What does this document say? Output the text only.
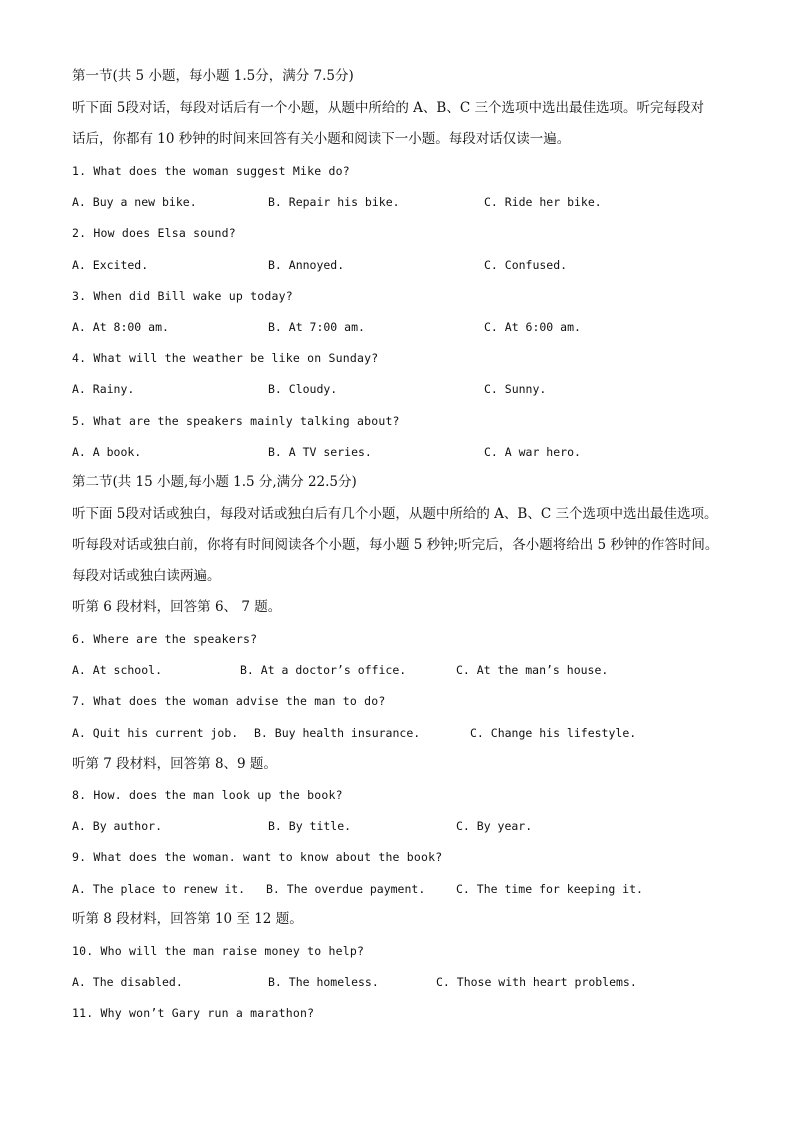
第一节(共 5 小题，每小题 1.5分，满分 7.5分)
听下面 5段对话，每段对话后有一个小题，从题中所给的 A、B、C 三个选项中选出最佳选项。听完每段对
话后，你都有 10 秒钟的时间来回答有关小题和阅读下一小题。每段对话仅读一遍。
1. What does the woman suggest Mike do?
A. Buy a new bike.	B. Repair his bike.	C. Ride her bike.
2. How does Elsa sound?
A. Excited.	B. Annoyed.	C. Confused.
3. When did Bill wake up today?
A. At 8:00 am.	B. At 7:00 am.	C. At 6:00 am.
4. What will the weather be like on Sunday?
A. Rainy.	B. Cloudy.	C. Sunny.
5. What are the speakers mainly talking about?
A. A book.	B. A TV series.	C. A war hero.
第二节(共 15 小题,每小题 1.5 分,满分 22.5分)
听下面 5段对话或独白，每段对话或独白后有几个小题，从题中所给的 A、B、C 三个选项中选出最佳选项。
听每段对话或独白前，你将有时间阅读各个小题，每小题 5 秒钟;听完后，各小题将给出 5 秒钟的作答时间。
每段对话或独白读两遍。
听第 6 段材料，回答第 6、 7 题。
6. Where are the speakers?
A. At school.	B. At a doctor’s office.	C. At the man’s house.
7. What does the woman advise the man to do?
A. Quit his current job. B. Buy health insurance.	C. Change his lifestyle.
听第 7 段材料，回答第 8、9 题。
8. How. does the man look up the book?
A. By author.	B. By title.	C. By year.
9. What does the woman. want to know about the book?
A. The place to renew it. B. The overdue payment.	C. The time for keeping it.
听第 8 段材料，回答第 10 至 12 题。
10. Who will the man raise money to help?
A. The disabled.	B. The homeless.	C. Those with heart problems.
11. Why won’t Gary run a marathon?
